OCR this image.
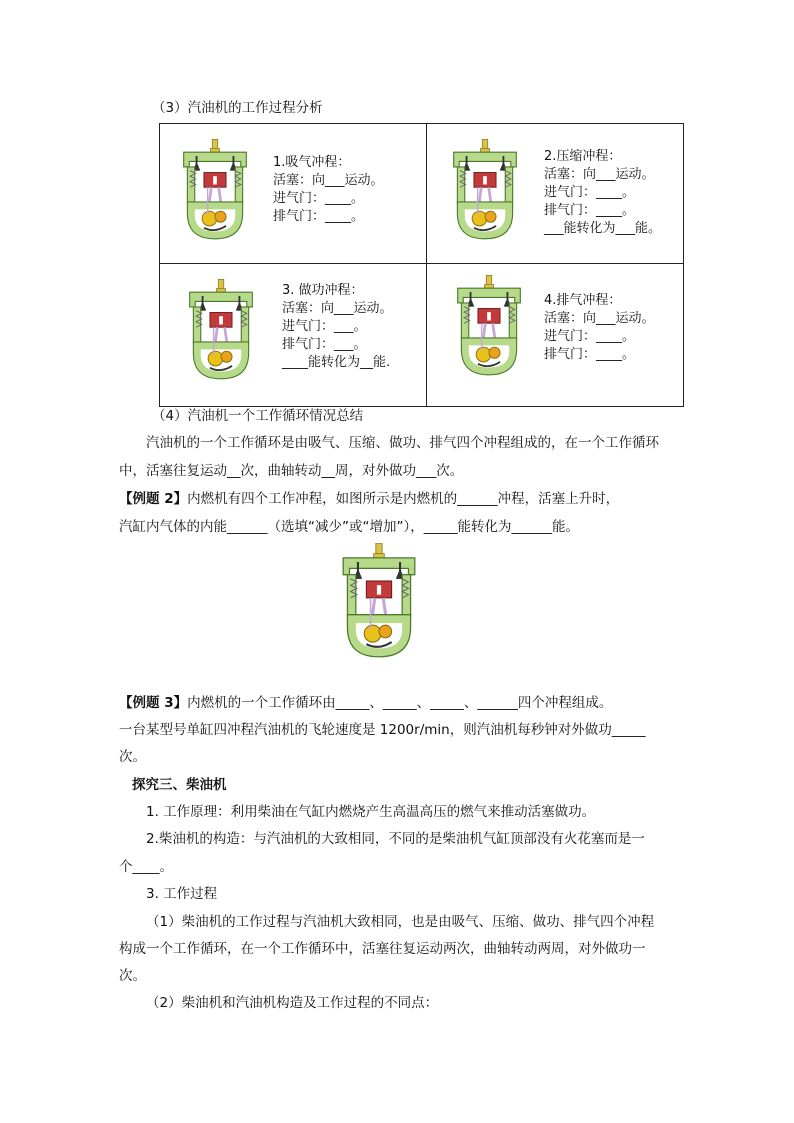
（3）汽油机的工作过程分析
1.吸气冲程：
活塞：向___运动。
进气门：____。
排气门：____。
2.压缩冲程：
活塞：向___运动。
进气门：____。
排气门：____。
___能转化为___能。
3. 做功冲程：
活塞：向___运动。
进气门：___。
排气门：___。
____能转化为__能.
4.排气冲程：
活塞：向___运动。
进气门：____。
排气门：____。
（4）汽油机一个工作循环情况总结
汽油机的一个工作循环是由吸气、压缩、做功、排气四个冲程组成的，在一个工作循环
中，活塞往复运动__次，曲轴转动__周，对外做功___次。
【例题 2】内燃机有四个工作冲程，如图所示是内燃机的______冲程，活塞上升时，
汽缸内气体的内能______（选填“减少”或“增加”），_____能转化为______能。
【例题 3】内燃机的一个工作循环由_____、_____、_____、______四个冲程组成。
一台某型号单缸四冲程汽油机的飞轮速度是 1200r/min，则汽油机每秒钟对外做功_____
次。
探究三、柴油机
1. 工作原理：利用柴油在气缸内燃烧产生高温高压的燃气来推动活塞做功。
2.柴油机的构造：与汽油机的大致相同，不同的是柴油机气缸顶部没有火花塞而是一
个____。
3. 工作过程
（1）柴油机的工作过程与汽油机大致相同，也是由吸气、压缩、做功、排气四个冲程
构成一个工作循环，在一个工作循环中，活塞往复运动两次，曲轴转动两周，对外做功一
次。
（2）柴油机和汽油机构造及工作过程的不同点：
